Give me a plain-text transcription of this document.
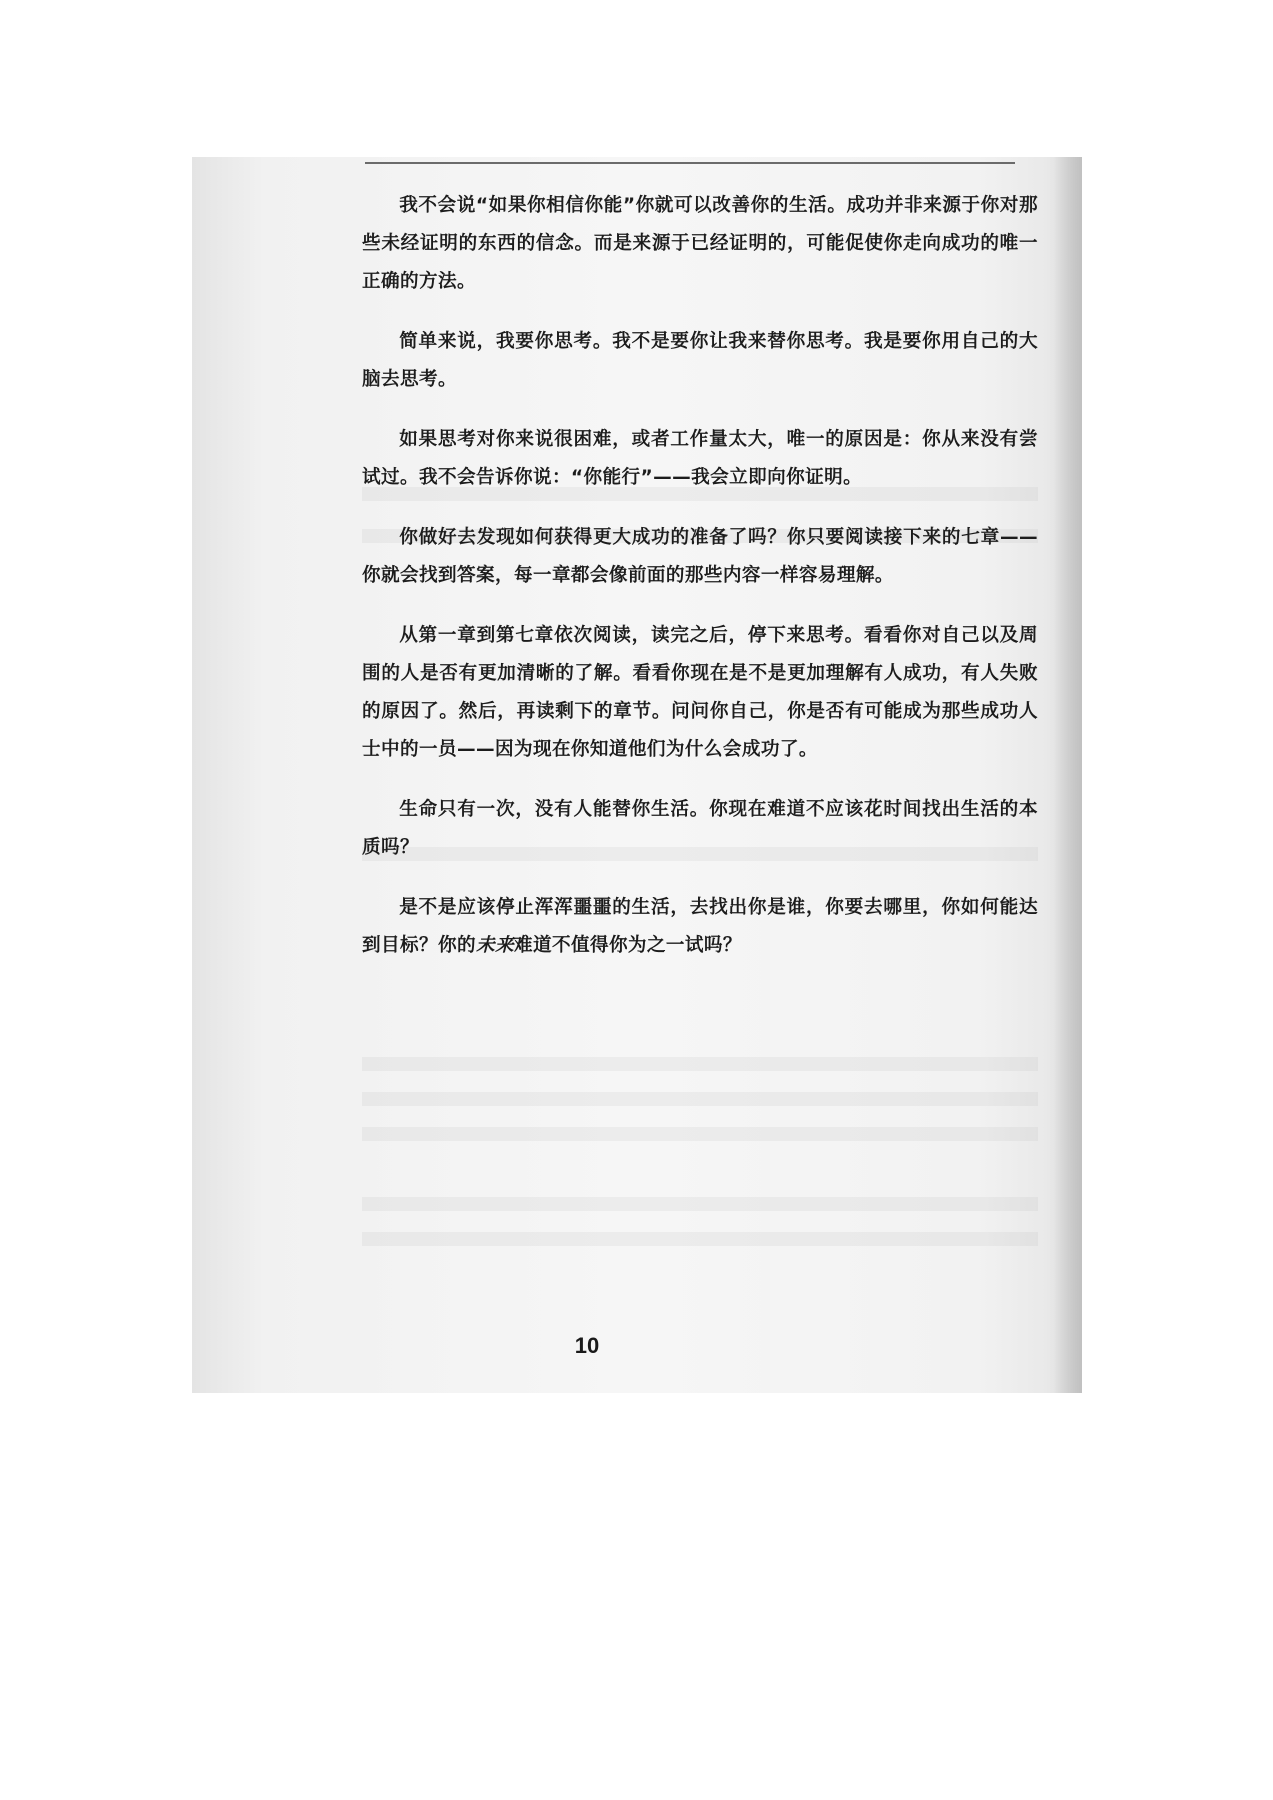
我不会说“如果你相信你能”你就可以改善你的生活。成功并非来源于你对那些未经证明的东西的信念。而是来源于已经证明的，可能促使你走向成功的唯一正确的方法。

简单来说，我要你思考。我不是要你让我来替你思考。我是要你用自己的大脑去思考。

如果思考对你来说很困难，或者工作量太大，唯一的原因是：你从来没有尝试过。我不会告诉你说：“你能行”——我会立即向你证明。

你做好去发现如何获得更大成功的准备了吗？你只要阅读接下来的七章——你就会找到答案，每一章都会像前面的那些内容一样容易理解。

从第一章到第七章依次阅读，读完之后，停下来思考。看看你对自己以及周围的人是否有更加清晰的了解。看看你现在是不是更加理解有人成功，有人失败的原因了。然后，再读剩下的章节。问问你自己，你是否有可能成为那些成功人士中的一员——因为现在你知道他们为什么会成功了。

生命只有一次，没有人能替你生活。你现在难道不应该花时间找出生活的本质吗？

是不是应该停止浑浑噩噩的生活，去找出你是谁，你要去哪里，你如何能达到目标？你的未来难道不值得你为之一试吗？

10
